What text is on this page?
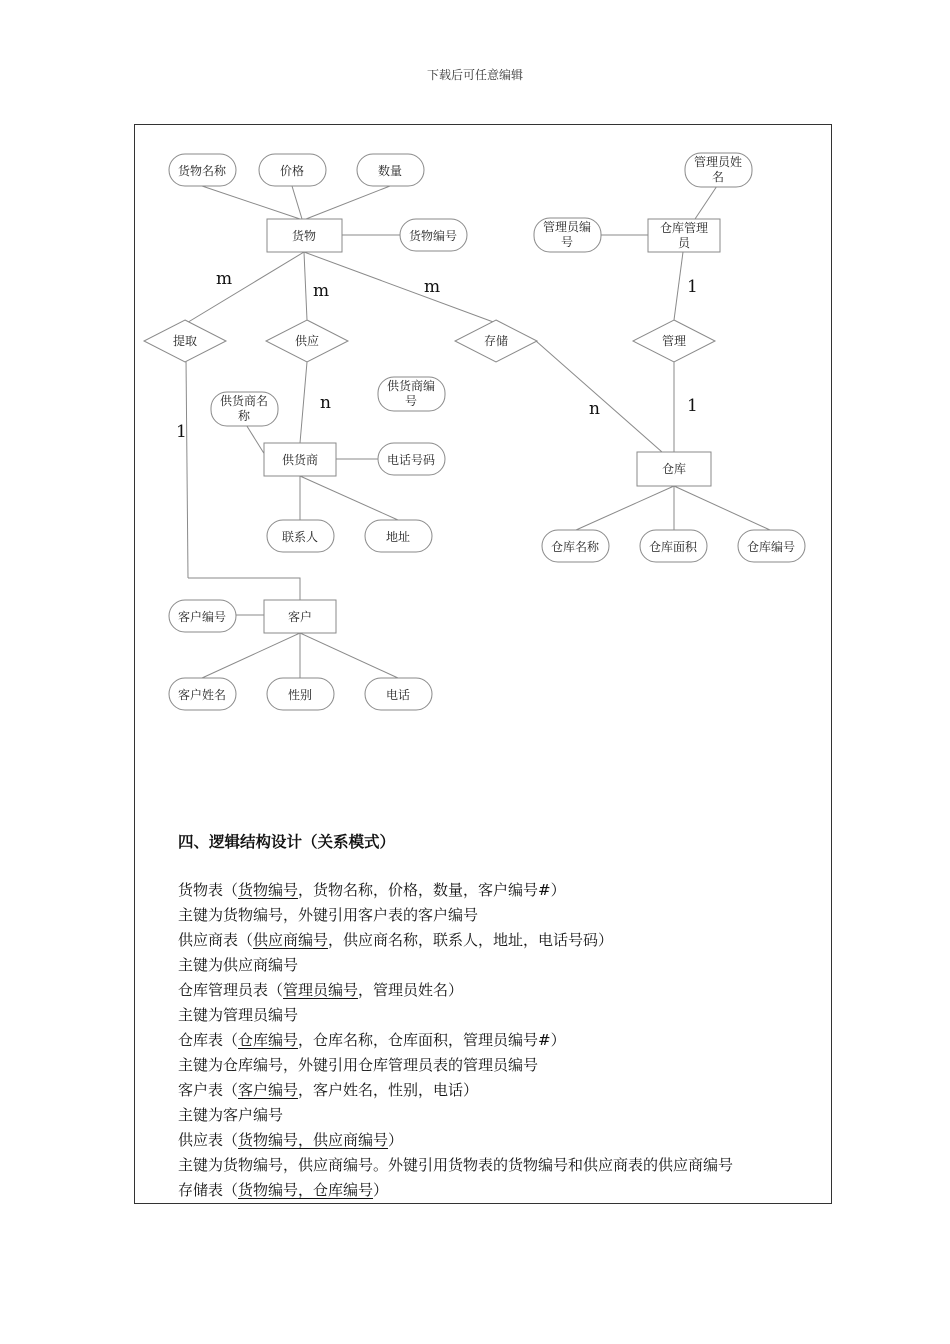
下载后可任意编辑
货物
供货商
客户
仓库
仓库管理
员
提取	供应	存储	管理
货物名称	价格	数量
货物编号
供货商编
号
供货商名
称
电话号码
联系人	地址
客户编号
客户姓名	性别	电话
仓库名称	仓库面积	仓库编号
管理员编
号
管理员姓
名
m
m	m
1
n	n
1
1
四、逻辑结构设计（关系模式）
货物表（货物编号，货物名称，价格，数量，客户编号#）
主键为货物编号，外键引用客户表的客户编号
供应商表（供应商编号，供应商名称，联系人，地址，电话号码）
主键为供应商编号
仓库管理员表（管理员编号，管理员姓名）
主键为管理员编号
仓库表（仓库编号，仓库名称，仓库面积，管理员编号#）
主键为仓库编号，外键引用仓库管理员表的管理员编号
客户表（客户编号，客户姓名，性别，电话）
主键为客户编号
供应表（货物编号，供应商编号）
主键为货物编号，供应商编号。外键引用货物表的货物编号和供应商表的供应商编号
存储表（货物编号，仓库编号）
